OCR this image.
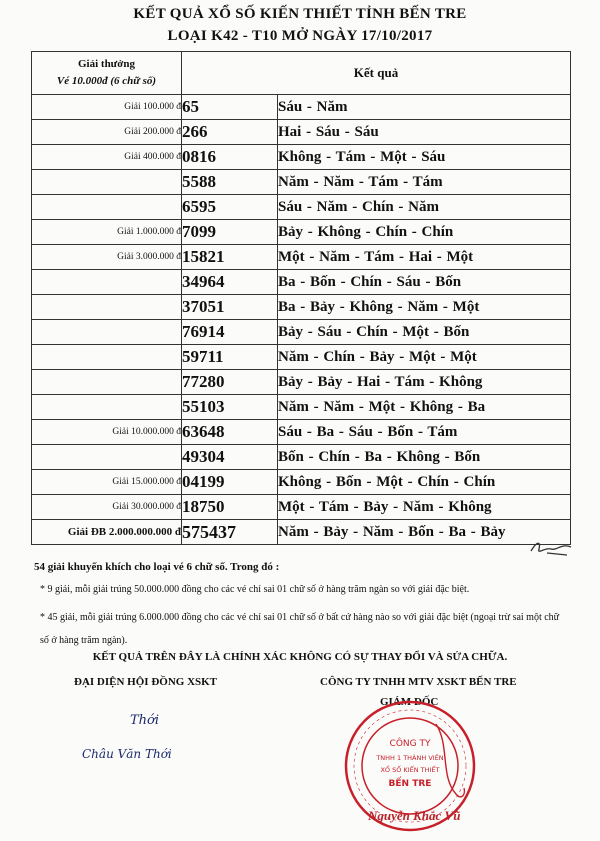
KẾT QUẢ XỔ SỐ KIẾN THIẾT TỈNH BẾN TRE
LOẠI K42 - T10 MỞ NGÀY 17/10/2017
Giải thưởng
Vé 10.000đ (6 chữ số)	Kết quả	
Giải 100.000 đ	65	Sáu - Năm
Giải 200.000 đ	266	Hai - Sáu - Sáu
Giải 400.000 đ	0816	Không - Tám - Một - Sáu
	5588	Năm - Năm - Tám - Tám
	6595	Sáu - Năm - Chín - Năm
Giải 1.000.000 đ	7099	Bảy - Không - Chín - Chín
Giải 3.000.000 đ	15821	Một - Năm - Tám - Hai - Một
	34964	Ba - Bốn - Chín - Sáu - Bốn
	37051	Ba - Bảy - Không - Năm - Một
	76914	Bảy - Sáu - Chín - Một - Bốn
	59711	Năm - Chín - Bảy - Một - Một
	77280	Bảy - Bảy - Hai - Tám - Không
	55103	Năm - Năm - Một - Không - Ba
Giải 10.000.000 đ	63648	Sáu - Ba - Sáu - Bốn - Tám
	49304	Bốn - Chín - Ba - Không - Bốn
Giải 15.000.000 đ	04199	Không - Bốn - Một - Chín - Chín
Giải 30.000.000 đ	18750	Một - Tám - Bảy - Năm - Không
Giải ĐB 2.000.000.000 đ	575437	Năm - Bảy - Năm - Bốn - Ba - Bảy
54 giải khuyến khích cho loại vé 6 chữ số. Trong đó :
* 9 giải, mỗi giải trúng 50.000.000 đồng cho các vé chỉ sai 01 chữ số ở hàng trăm ngàn so với giải đặc biệt.
* 45 giải, mỗi giải trúng 6.000.000 đồng cho các vé chỉ sai 01 chữ số ở bất cứ hàng nào so với giải đặc biệt (ngoại trừ sai một chữ số ở hàng trăm ngàn).
KẾT QUẢ TRÊN ĐÂY LÀ CHÍNH XÁC KHÔNG CÓ SỰ THAY ĐỔI VÀ SỬA CHỮA.
ĐẠI DIỆN HỘI ĐỒNG XSKT	CÔNG TY TNHH MTV XSKT BẾN TRE
GIÁM ĐỐC
Thới
Châu Văn Thới
CÔNG TY
TNHH 1 THÀNH VIÊN
XỔ SỐ KIẾN THIẾT
BẾN TRE
Nguyễn Khắc Vũ
